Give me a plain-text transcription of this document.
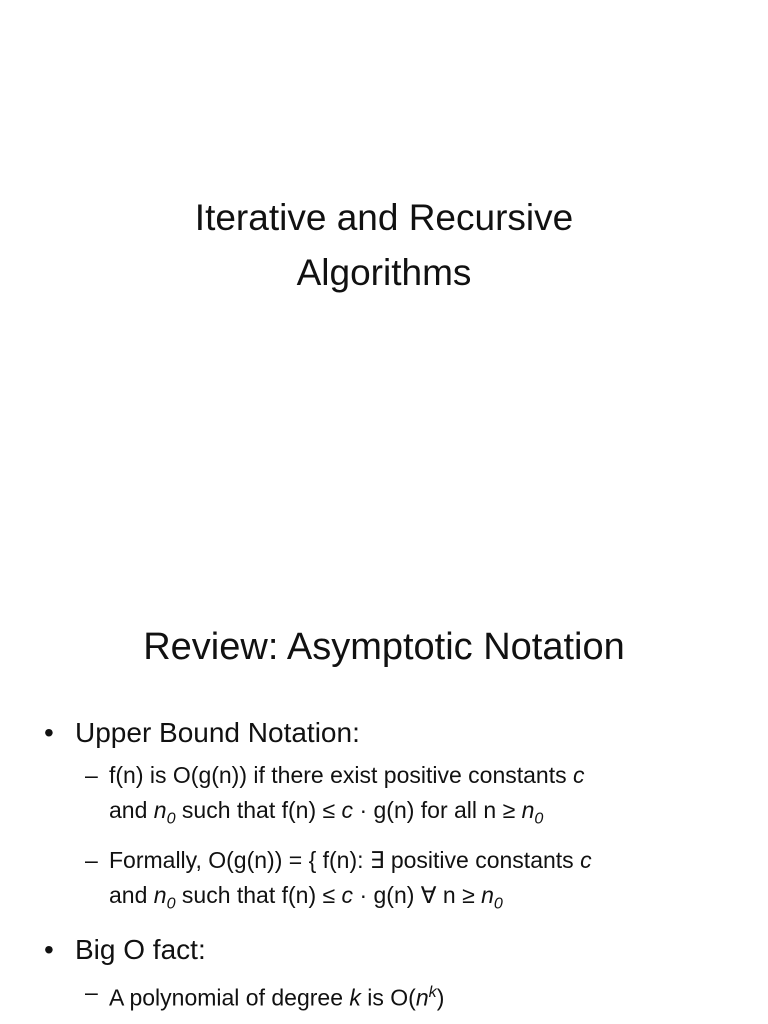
Iterative and Recursive
Algorithms
Review: Asymptotic Notation
• Upper Bound Notation:
– f(n) is O(g(n)) if there exist positive constants c
and $n_0$ such that f(n) ≤ c · g(n) for all $n \ge n_0$
– Formally, O(g(n)) = { f(n): ∃ positive constants c
and $n_0$ such that f(n) ≤ c · g(n) ∀ $n \ge n_0$
• Big O fact:
– A polynomial of degree k is $O(n^k)$
